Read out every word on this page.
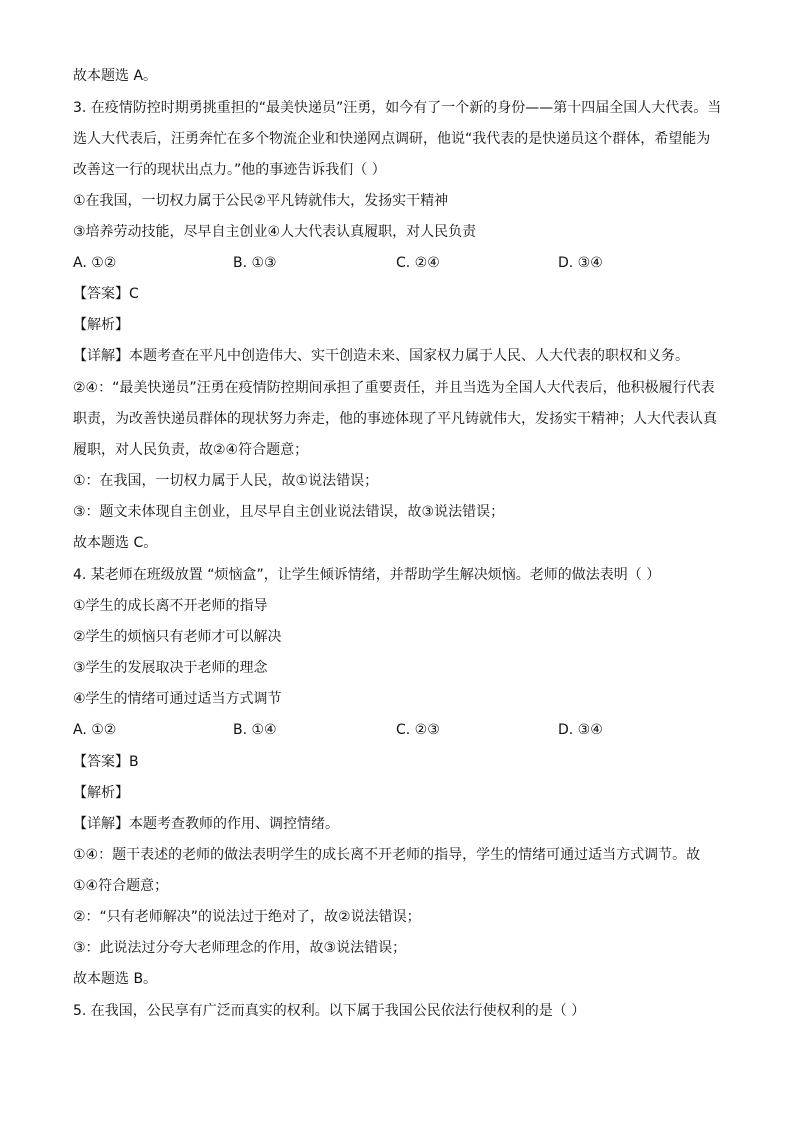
故本题选 A。
3. 在疫情防控时期勇挑重担的“最美快递员”汪勇，如今有了一个新的身份——第十四届全国人大代表。当
选人大代表后，汪勇奔忙在多个物流企业和快递网点调研，他说“我代表的是快递员这个群体，希望能为
改善这一行的现状出点力。”他的事迹告诉我们（ ）
①在我国，一切权力属于公民②平凡铸就伟大，发扬实干精神
③培养劳动技能，尽早自主创业④人大代表认真履职，对人民负责
A. ①②	B. ①③	C. ②④	D. ③④
【答案】C
【解析】
【详解】本题考查在平凡中创造伟大、实干创造未来、国家权力属于人民、人大代表的职权和义务。
②④：“最美快递员”汪勇在疫情防控期间承担了重要责任，并且当选为全国人大代表后，他积极履行代表
职责，为改善快递员群体的现状努力奔走，他的事迹体现了平凡铸就伟大，发扬实干精神；人大代表认真
履职，对人民负责，故②④符合题意；
①：在我国，一切权力属于人民，故①说法错误；
③：题文未体现自主创业，且尽早自主创业说法错误，故③说法错误；
故本题选 C。
4. 某老师在班级放置 “烦恼盒”，让学生倾诉情绪，并帮助学生解决烦恼。老师的做法表明（ ）
①学生的成长离不开老师的指导
②学生的烦恼只有老师才可以解决
③学生的发展取决于老师的理念
④学生的情绪可通过适当方式调节
A. ①②	B. ①④	C. ②③	D. ③④
【答案】B
【解析】
【详解】本题考查教师的作用、调控情绪。
①④：题干表述的老师的做法表明学生的成长离不开老师的指导，学生的情绪可通过适当方式调节。故
①④符合题意；
②：“只有老师解决”的说法过于绝对了，故②说法错误；
③：此说法过分夸大老师理念的作用，故③说法错误；
故本题选 B。
5. 在我国，公民享有广泛而真实的权利。以下属于我国公民依法行使权利的是（ ）
